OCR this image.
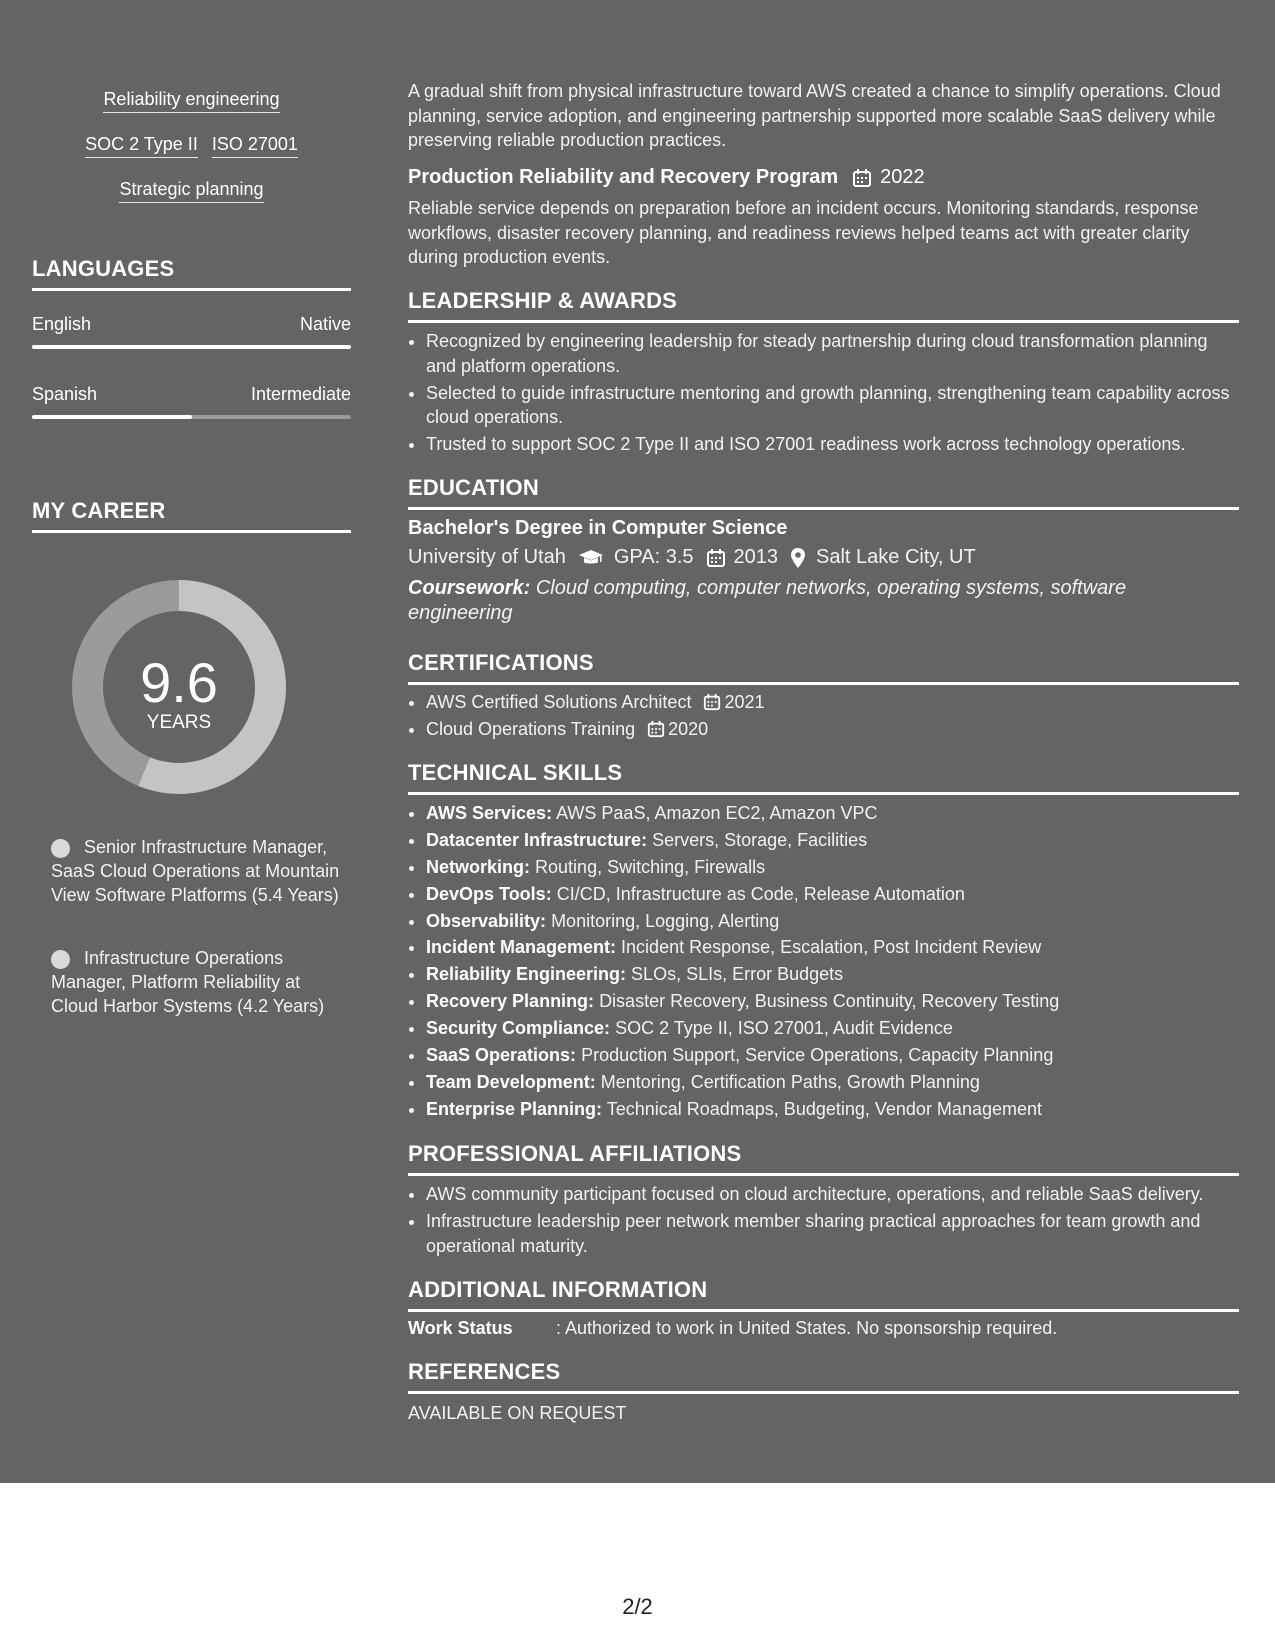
Reliability engineering
SOC 2 Type II ISO 27001
Strategic planning
LANGUAGES
English	Native
Spanish	Intermediate
MY CAREER
9.6
YEARS
Senior Infrastructure Manager, SaaS Cloud Operations at Mountain View Software Platforms (5.4 Years)
Infrastructure Operations Manager, Platform Reliability at Cloud Harbor Systems (4.2 Years)
A gradual shift from physical infrastructure toward AWS created a chance to simplify operations. Cloud planning, service adoption, and engineering partnership supported more scalable SaaS delivery while preserving reliable production practices.
Production Reliability and Recovery Program 2022
Reliable service depends on preparation before an incident occurs. Monitoring standards, response workflows, disaster recovery planning, and readiness reviews helped teams act with greater clarity during production events.
LEADERSHIP & AWARDS
• Recognized by engineering leadership for steady partnership during cloud transformation planning and platform operations.
• Selected to guide infrastructure mentoring and growth planning, strengthening team capability across cloud operations.
• Trusted to support SOC 2 Type II and ISO 27001 readiness work across technology operations.
EDUCATION
Bachelor's Degree in Computer Science
University of Utah GPA: 3.5 2013 Salt Lake City, UT
Coursework: Cloud computing, computer networks, operating systems, software engineering
CERTIFICATIONS
• AWS Certified Solutions Architect 2021
• Cloud Operations Training 2020
TECHNICAL SKILLS
• AWS Services: AWS PaaS, Amazon EC2, Amazon VPC
• Datacenter Infrastructure: Servers, Storage, Facilities
• Networking: Routing, Switching, Firewalls
• DevOps Tools: CI/CD, Infrastructure as Code, Release Automation
• Observability: Monitoring, Logging, Alerting
• Incident Management: Incident Response, Escalation, Post Incident Review
• Reliability Engineering: SLOs, SLIs, Error Budgets
• Recovery Planning: Disaster Recovery, Business Continuity, Recovery Testing
• Security Compliance: SOC 2 Type II, ISO 27001, Audit Evidence
• SaaS Operations: Production Support, Service Operations, Capacity Planning
• Team Development: Mentoring, Certification Paths, Growth Planning
• Enterprise Planning: Technical Roadmaps, Budgeting, Vendor Management
PROFESSIONAL AFFILIATIONS
• AWS community participant focused on cloud architecture, operations, and reliable SaaS delivery.
• Infrastructure leadership peer network member sharing practical approaches for team growth and operational maturity.
ADDITIONAL INFORMATION
Work Status : Authorized to work in United States. No sponsorship required.
REFERENCES
AVAILABLE ON REQUEST
2/2
